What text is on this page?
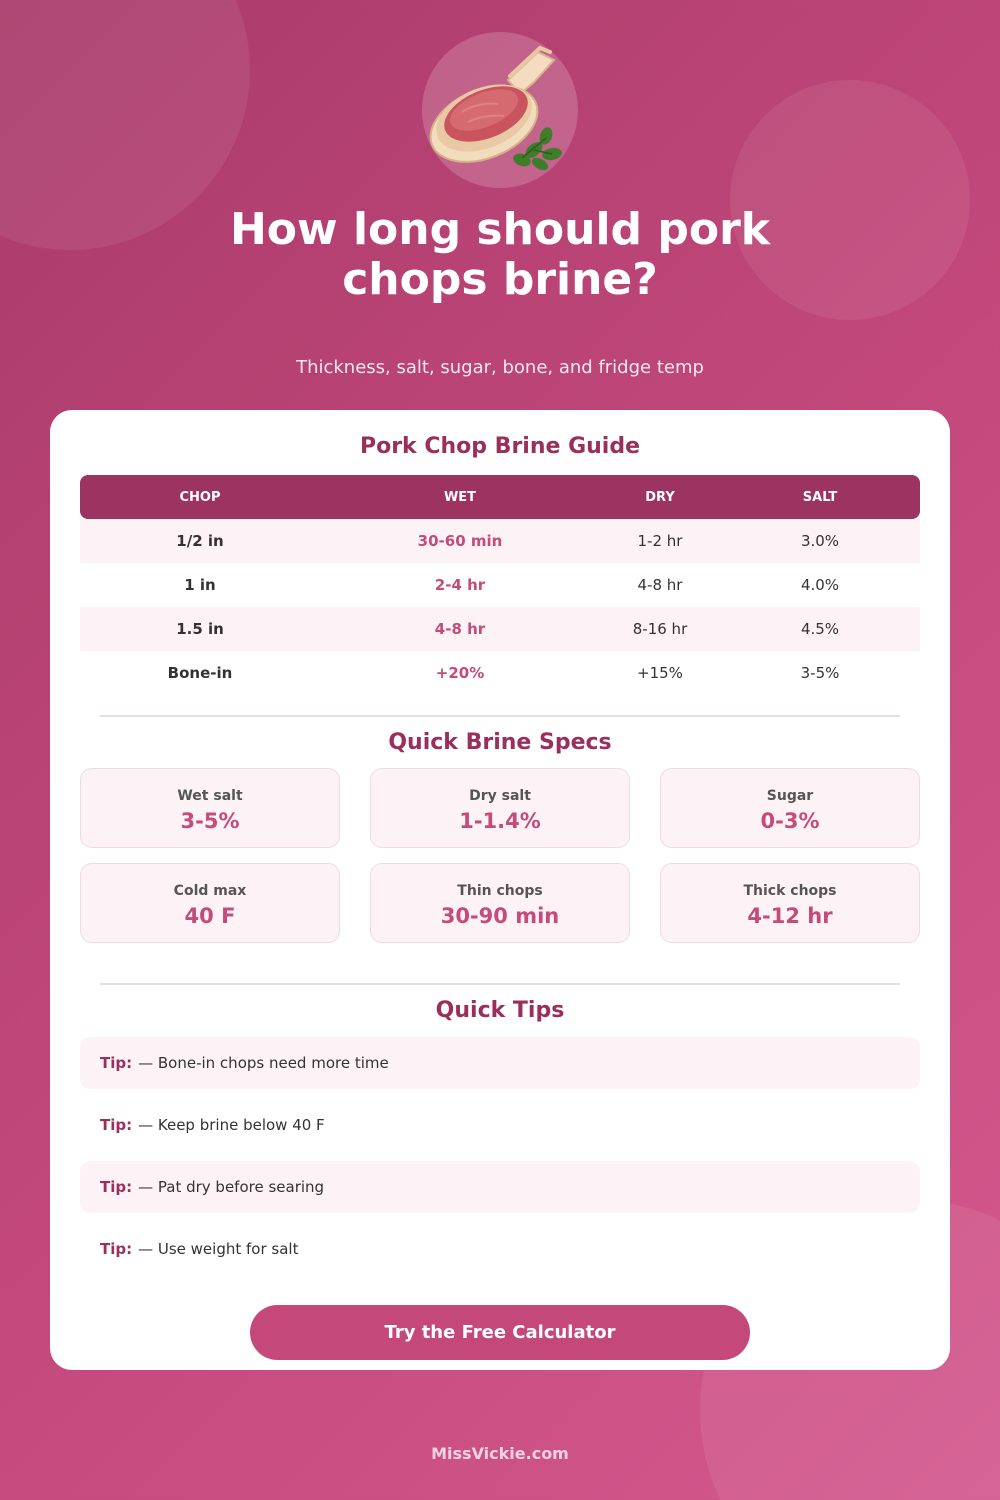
How long should pork chops brine?
Thickness, salt, sugar, bone, and fridge temp
Pork Chop Brine Guide
CHOP	WET	DRY	SALT
1/2 in	30-60 min	1-2 hr	3.0%
1 in	2-4 hr	4-8 hr	4.0%
1.5 in	4-8 hr	8-16 hr	4.5%
Bone-in	+20%	+15%	3-5%
Quick Brine Specs
Wet salt
3-5%
Dry salt
1-1.4%
Sugar
0-3%
Cold max
40 F
Thin chops
30-90 min
Thick chops
4-12 hr
Quick Tips
Tip: — Bone-in chops need more time
Tip: — Keep brine below 40 F
Tip: — Pat dry before searing
Tip: — Use weight for salt
Try the Free Calculator
MissVickie.com
